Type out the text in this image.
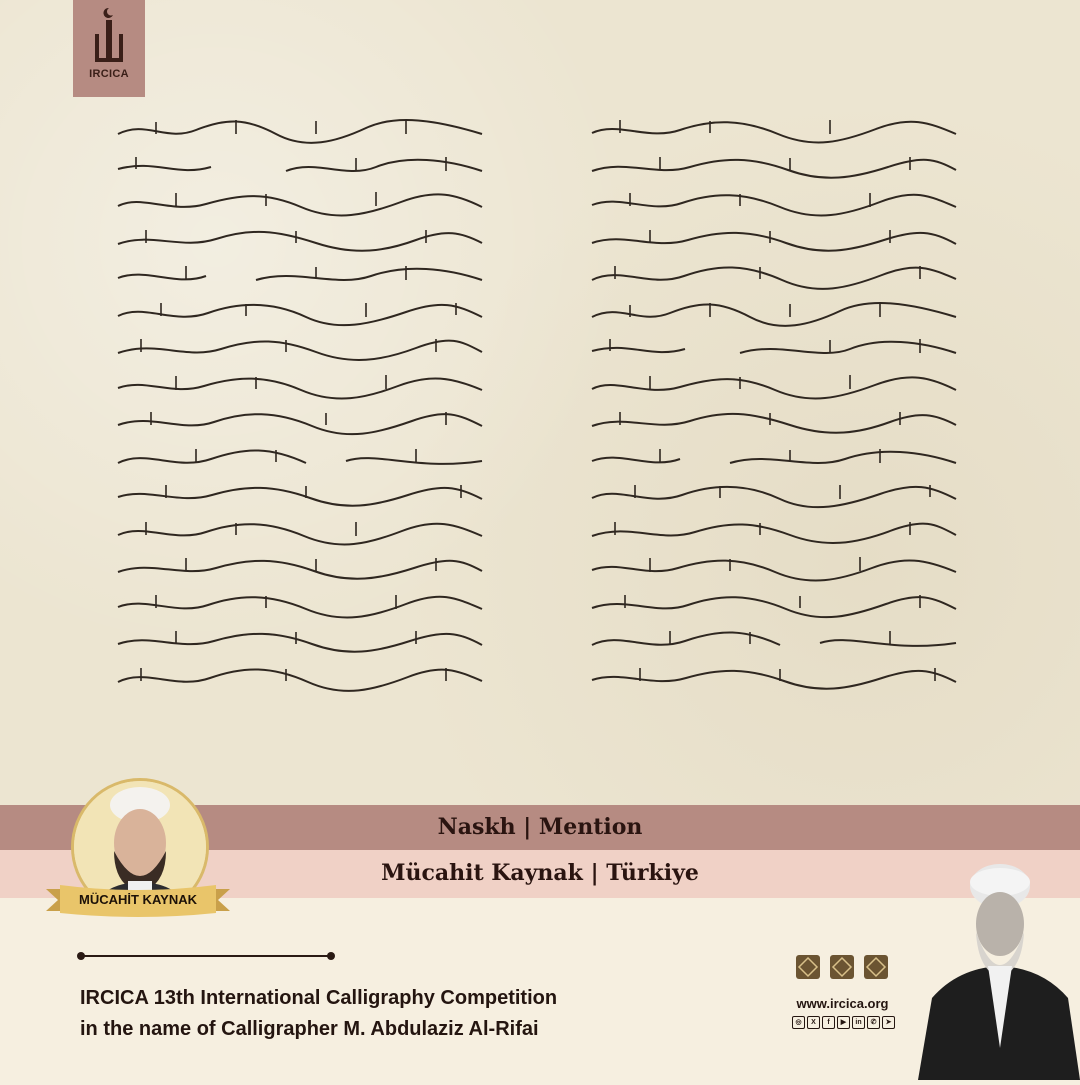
IRCICA
Naskh | Mention
Mücahit Kaynak | Türkiye
MÜCAHİT KAYNAK
IRCICA 13th International Calligraphy Competition
in the name of Calligrapher M. Abdulaziz Al-Rifai
www.ircica.org
◎	X	f	▶	in	✆	➤
